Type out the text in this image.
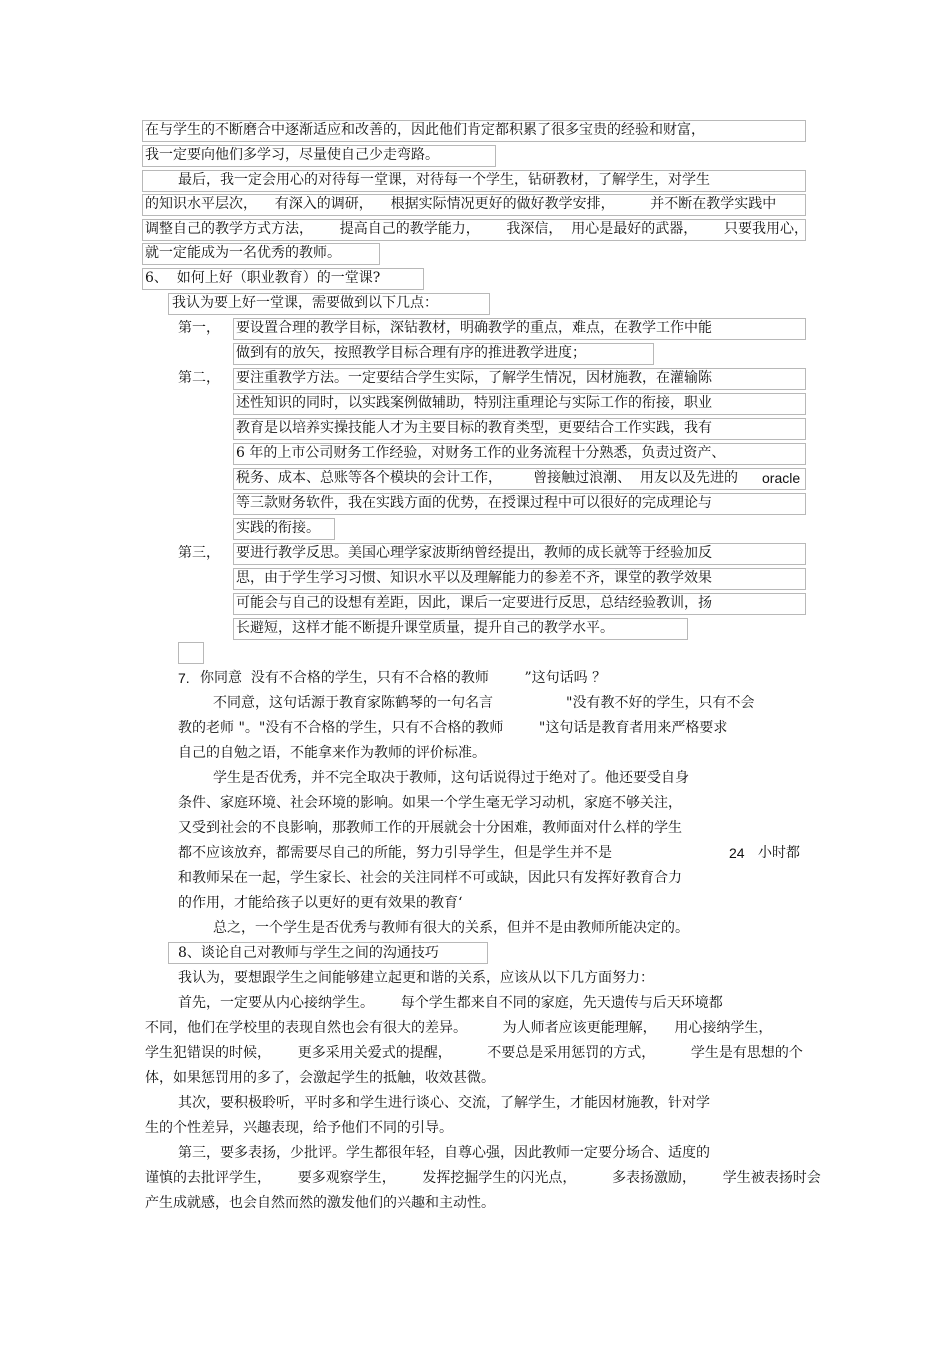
在与学生的不断磨合中逐渐适应和改善的，因此他们肯定都积累了很多宝贵的经验和财富，
我一定要向他们多学习，尽量使自己少走弯路。
最后，我一定会用心的对待每一堂课，对待每一个学生，钻研教材，了解学生，对学生
的知识水平层次，    有深入的调研，    根据实际情况更好的做好教学安排，        并不断在教学实践中
调整自己的教学方式方法，      提高自己的教学能力，      我深信，  用心是最好的武器，      只要我用心，
就一定能成为一名优秀的教师。
6、  如何上好（职业教育）的一堂课?
我认为要上好一堂课，需要做到以下几点：
第一， 要设置合理的教学目标，深钻教材，明确教学的重点，难点，在教学工作中能
做到有的放矢，按照教学目标合理有序的推进教学进度；
第二， 要注重教学方法。一定要结合学生实际，了解学生情况，因材施教，在灌输陈
述性知识的同时，以实践案例做辅助，特别注重理论与实际工作的衔接，职业
教育是以培养实操技能人才为主要目标的教育类型，更要结合工作实践，我有
6 年的上市公司财务工作经验，对财务工作的业务流程十分熟悉，负责过资产、
税务、成本、总账等各个模块的会计工作，       曾接触过浪潮、  用友以及先进的 oracle
等三款财务软件，我在实践方面的优势，在授课过程中可以很好的完成理论与
实践的衔接。
第三， 要进行教学反思。美国心理学家波斯纳曾经提出，教师的成长就等于经验加反
思，由于学生学习习惯、知识水平以及理解能力的参差不齐，课堂的教学效果
可能会与自己的设想有差距，因此，课后一定要进行反思，总结经验教训，扬
长避短，这样才能不断提升课堂质量，提升自己的教学水平。
7. 你同意  没有不合格的学生，只有不合格的教师        ”这句话吗 ？
不同意，这句话源于教育家陈鹤琴的一句名言	"没有教不好的学生，只有不会
教的老师 "。"没有不合格的学生，只有不合格的教师        "这句话是教育者用来严格要求
自己的自勉之语，不能拿来作为教师的评价标准。
学生是否优秀，并不完全取决于教师，这句话说得过于绝对了。他还要受自身
条件、家庭环境、社会环境的影响。如果一个学生毫无学习动机，家庭不够关注，
又受到社会的不良影响，那教师工作的开展就会十分困难，教师面对什么样的学生
都不应该放弃，都需要尽自己的所能，努力引导学生，但是学生并不是	24 小时都
和教师呆在一起，学生家长、社会的关注同样不可或缺，因此只有发挥好教育合力
的作用，才能给孩子以更好的更有效果的教育‘
总之，一个学生是否优秀与教师有很大的关系，但并不是由教师所能决定的。
8、谈论自己对教师与学生之间的沟通技巧
我认为，要想跟学生之间能够建立起更和谐的关系，应该从以下几方面努力：
首先，一定要从内心接纳学生。      每个学生都来自不同的家庭，先天遗传与后天环境都
不同，他们在学校里的表现自然也会有很大的差异。        为人师者应该更能理解，    用心接纳学生，
学生犯错误的时候，      更多采用关爱式的提醒，        不要总是采用惩罚的方式，        学生是有思想的个
体，如果惩罚用的多了，会激起学生的抵触，收效甚微。
其次，要积极聆听，平时多和学生进行谈心、交流，了解学生，才能因材施教，针对学
生的个性差异，兴趣表现，给予他们不同的引导。
第三，要多表扬，少批评。学生都很年轻，自尊心强，因此教师一定要分场合、适度的
谨慎的去批评学生，      要多观察学生，      发挥挖掘学生的闪光点，        多表扬激励，      学生被表扬时会
产生成就感，也会自然而然的激发他们的兴趣和主动性。
